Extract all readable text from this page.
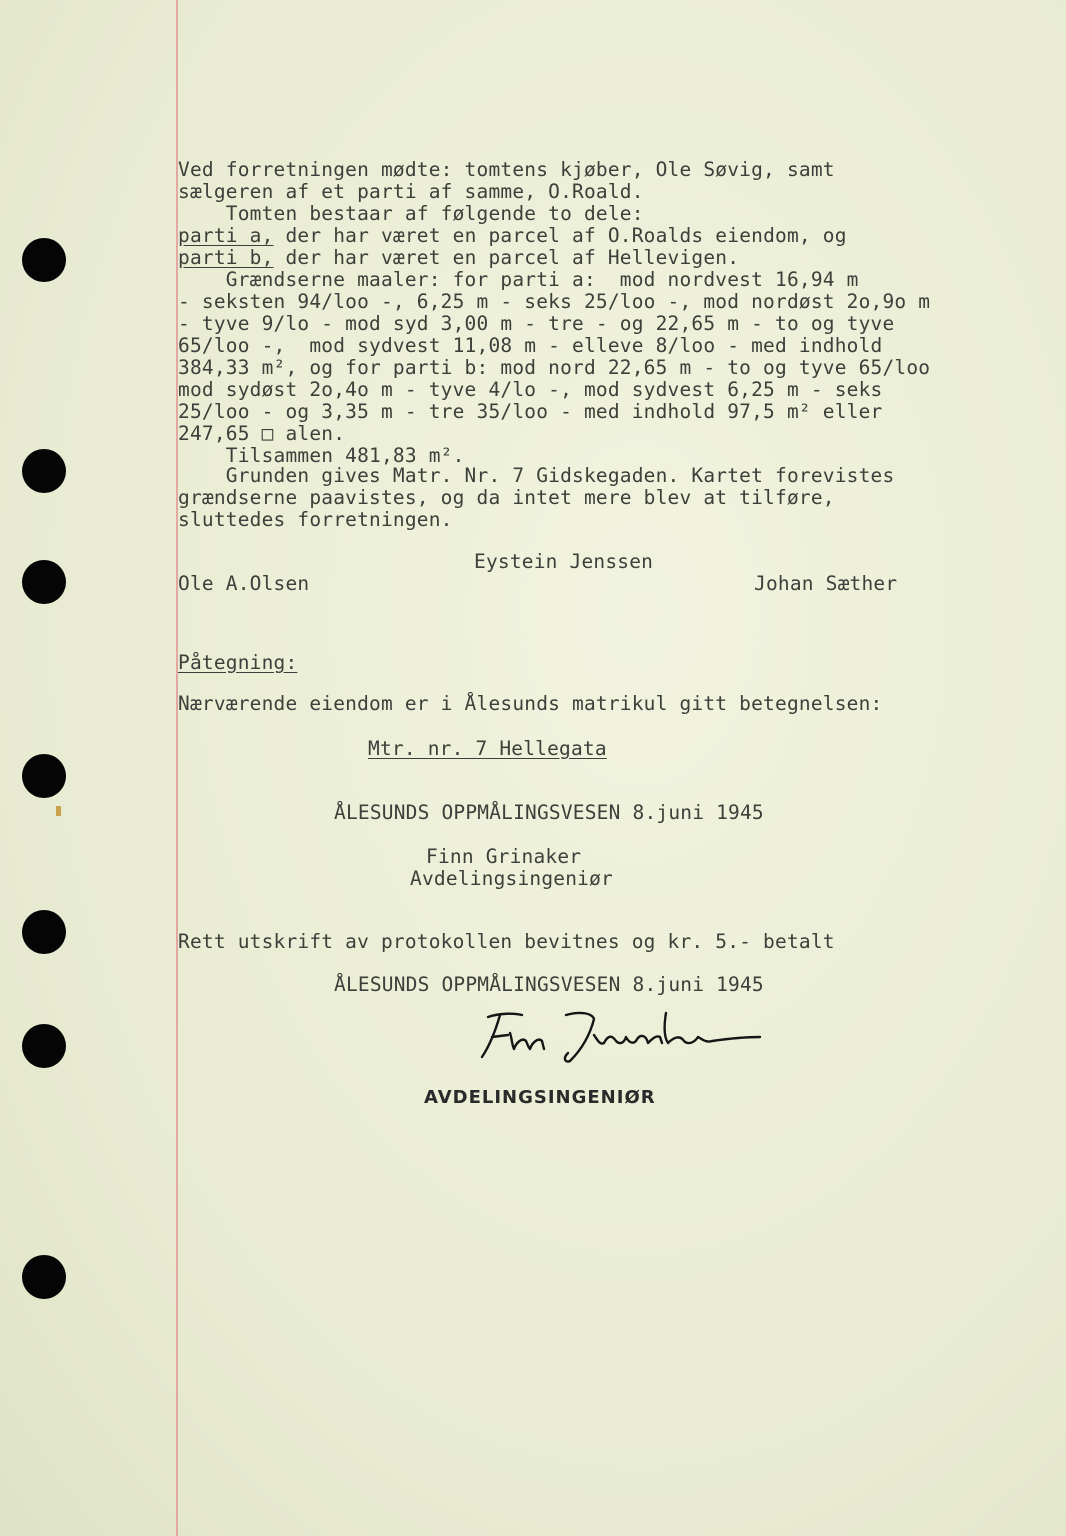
Ved forretningen mødte: tomtens kjøber, Ole Søvig, samt
sælgeren af et parti af samme, O.Roald.
Tomten bestaar af følgende to dele:
parti a, der har været en parcel af O.Roalds eiendom, og
parti b, der har været en parcel af Hellevigen.
Grændserne maaler: for parti a:  mod nordvest 16,94 m
- seksten 94/loo -, 6,25 m - seks 25/loo -, mod nordøst 2o,9o m
- tyve 9/lo - mod syd 3,00 m - tre - og 22,65 m - to og tyve
65/loo -,  mod sydvest 11,08 m - elleve 8/loo - med indhold
384,33 m², og for parti b: mod nord 22,65 m - to og tyve 65/loo
mod sydøst 2o,4o m - tyve 4/lo -, mod sydvest 6,25 m - seks
25/loo - og 3,35 m - tre 35/loo - med indhold 97,5 m² eller
247,65 □ alen.
Tilsammen 481,83 m².
Grunden gives Matr. Nr. 7 Gidskegaden. Kartet forevistes
grændserne paavistes, og da intet mere blev at tilføre,
sluttedes forretningen.
Eystein Jenssen
Ole A.Olsen	Johan Sæther
Påtegning:
Nærværende eiendom er i Ålesunds matrikul gitt betegnelsen:
Mtr. nr. 7 Hellegata
ÅLESUNDS OPPMÅLINGSVESEN 8.juni 1945
Finn Grinaker
Avdelingsingeniør
Rett utskrift av protokollen bevitnes og kr. 5.- betalt
ÅLESUNDS OPPMÅLINGSVESEN 8.juni 1945
AVDELINGSINGENIØR
